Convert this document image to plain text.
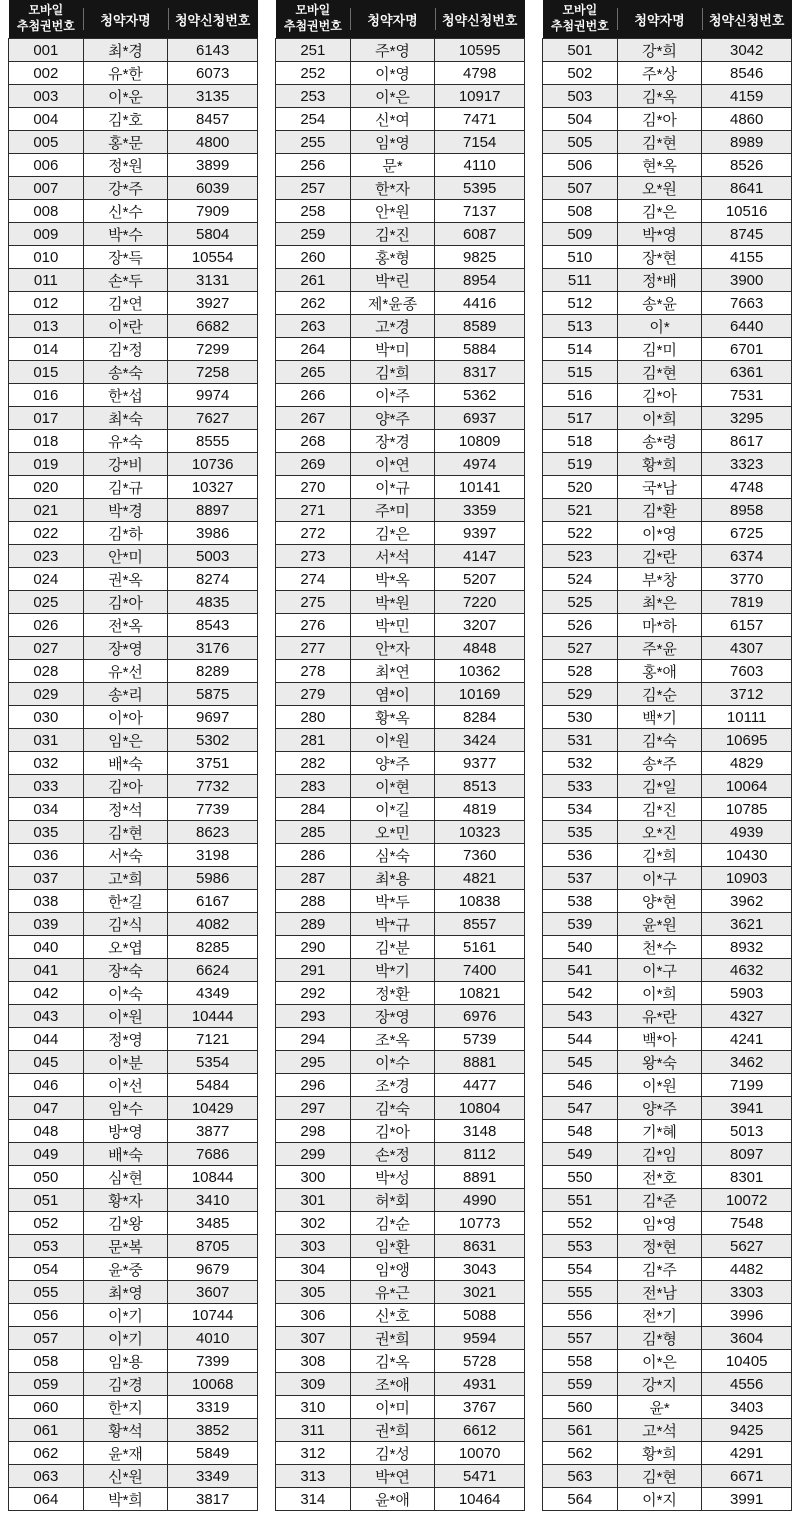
모바일
추첨권번호	청약자명	청약신청번호
001	최*경	6143
002	유*한	6073
003	이*운	3135
004	김*호	8457
005	홍*문	4800
006	정*원	3899
007	강*주	6039
008	신*수	7909
009	박*수	5804
010	장*득	10554
011	손*두	3131
012	김*연	3927
013	이*란	6682
014	김*정	7299
015	송*숙	7258
016	한*섭	9974
017	최*숙	7627
018	유*숙	8555
019	강*비	10736
020	김*규	10327
021	박*경	8897
022	김*하	3986
023	안*미	5003
024	권*옥	8274
025	김*아	4835
026	전*옥	8543
027	장*영	3176
028	유*선	8289
029	송*리	5875
030	이*아	9697
031	임*은	5302
032	배*숙	3751
033	김*아	7732
034	정*석	7739
035	김*현	8623
036	서*숙	3198
037	고*희	5986
038	한*길	6167
039	김*식	4082
040	오*엽	8285
041	장*숙	6624
042	이*숙	4349
043	이*원	10444
044	정*영	7121
045	이*분	5354
046	이*선	5484
047	임*수	10429
048	방*영	3877
049	배*숙	7686
050	심*현	10844
051	황*자	3410
052	김*왕	3485
053	문*복	8705
054	윤*중	9679
055	최*영	3607
056	이*기	10744
057	이*기	4010
058	임*용	7399
059	김*경	10068
060	한*지	3319
061	황*석	3852
062	윤*재	5849
063	신*원	3349
064	박*희	3817
모바일
추첨권번호	청약자명	청약신청번호
251	주*영	10595
252	이*영	4798
253	이*은	10917
254	신*여	7471
255	임*영	7154
256	문*	4110
257	한*자	5395
258	안*원	7137
259	김*진	6087
260	홍*형	9825
261	박*린	8954
262	제*윤종	4416
263	고*경	8589
264	박*미	5884
265	김*희	8317
266	이*주	5362
267	양*주	6937
268	장*경	10809
269	이*연	4974
270	이*규	10141
271	주*미	3359
272	김*은	9397
273	서*석	4147
274	박*옥	5207
275	박*원	7220
276	박*민	3207
277	안*자	4848
278	최*연	10362
279	염*이	10169
280	황*옥	8284
281	이*원	3424
282	양*주	9377
283	이*현	8513
284	이*길	4819
285	오*민	10323
286	심*숙	7360
287	최*용	4821
288	박*두	10838
289	박*규	8557
290	김*분	5161
291	박*기	7400
292	정*환	10821
293	장*영	6976
294	조*옥	5739
295	이*수	8881
296	조*경	4477
297	김*숙	10804
298	김*아	3148
299	손*정	8112
300	박*성	8891
301	허*회	4990
302	김*순	10773
303	임*환	8631
304	임*앵	3043
305	유*근	3021
306	신*호	5088
307	권*희	9594
308	김*옥	5728
309	조*애	4931
310	이*미	3767
311	권*희	6612
312	김*성	10070
313	박*연	5471
314	윤*애	10464
모바일
추첨권번호	청약자명	청약신청번호
501	강*희	3042
502	주*상	8546
503	김*옥	4159
504	김*아	4860
505	김*현	8989
506	현*옥	8526
507	오*원	8641
508	김*은	10516
509	박*영	8745
510	장*현	4155
511	정*배	3900
512	송*윤	7663
513	이*	6440
514	김*미	6701
515	김*현	6361
516	김*아	7531
517	이*희	3295
518	송*령	8617
519	황*희	3323
520	국*남	4748
521	김*환	8958
522	이*영	6725
523	김*란	6374
524	부*창	3770
525	최*은	7819
526	마*하	6157
527	주*윤	4307
528	홍*애	7603
529	김*순	3712
530	백*기	10111
531	김*숙	10695
532	송*주	4829
533	김*일	10064
534	김*진	10785
535	오*진	4939
536	김*희	10430
537	이*구	10903
538	양*현	3962
539	윤*원	3621
540	천*수	8932
541	이*구	4632
542	이*희	5903
543	유*란	4327
544	백*아	4241
545	왕*숙	3462
546	이*원	7199
547	양*주	3941
548	기*혜	5013
549	김*임	8097
550	전*호	8301
551	김*준	10072
552	임*영	7548
553	정*현	5627
554	김*주	4482
555	전*남	3303
556	전*기	3996
557	김*형	3604
558	이*은	10405
559	강*지	4556
560	윤*	3403
561	고*석	9425
562	황*희	4291
563	김*현	6671
564	이*지	3991
